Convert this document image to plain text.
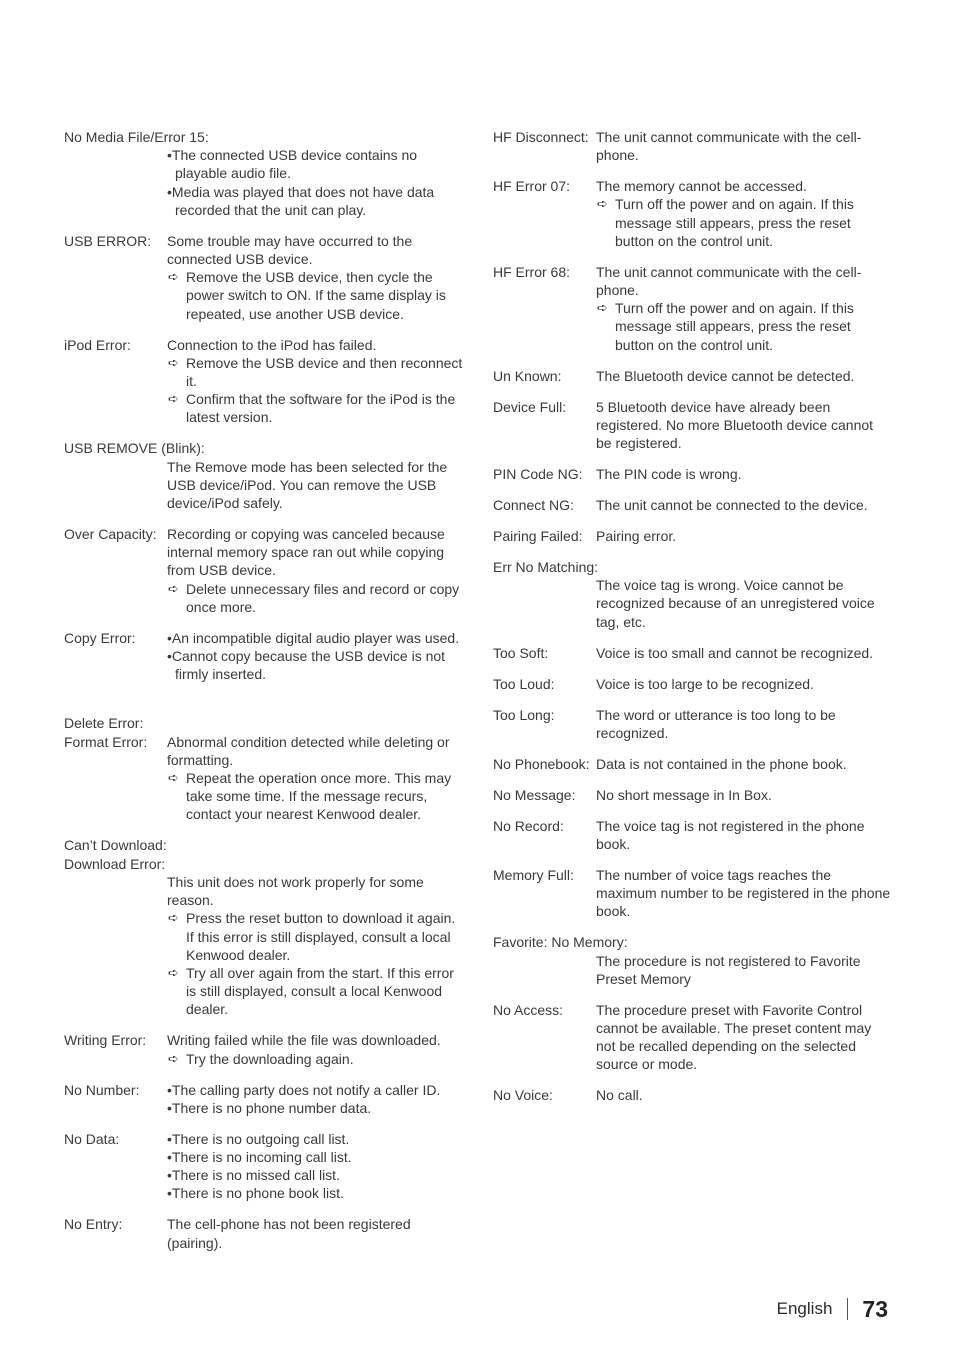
No Media File/Error 15:
•The connected USB device contains no playable audio file.
•Media was played that does not have data recorded that the unit can play.
USB ERROR: Some trouble may have occurred to the connected USB device.
➪ Remove the USB device, then cycle the power switch to ON. If the same display is repeated, use another USB device.
iPod Error:	Connection to the iPod has failed.
➪ Remove the USB device and then reconnect it.
➪ Confirm that the software for the iPod is the latest version.
USB REMOVE (Blink):
The Remove mode has been selected for the USB device/iPod. You can remove the USB device/iPod safely.
Over Capacity: Recording or copying was canceled because internal memory space ran out while copying from USB device.
➪ Delete unnecessary files and record or copy once more.
Copy Error: •An incompatible digital audio player was used.
•Cannot copy because the USB device is not firmly inserted.

Delete Error:
Format Error:

Abnormal condition detected while deleting or formatting.
➪ Repeat the operation once more. This may take some time. If the message recurs, contact your nearest Kenwood dealer.
Can’t Download:
Download Error:
This unit does not work properly for some reason.
➪ Press the reset button to download it again. If this error is still displayed, consult a local Kenwood dealer.
➪ Try all over again from the start. If this error is still displayed, consult a local Kenwood dealer.
Writing Error: Writing failed while the file was downloaded.
➪ Try the downloading again.
No Number: •The calling party does not notify a caller ID.
•There is no phone number data.
No Data:	•There is no outgoing call list.
•There is no incoming call list.
•There is no missed call list.
•There is no phone book list.
No Entry:	The cell-phone has not been registered (pairing).
HF Disconnect: The unit cannot communicate with the cell-phone.
HF Error 07: The memory cannot be accessed.
➪ Turn off the power and on again. If this message still appears, press the reset button on the control unit.
HF Error 68: The unit cannot communicate with the cell-phone.
➪ Turn off the power and on again. If this message still appears, press the reset button on the control unit.
Un Known: The Bluetooth device cannot be detected.
Device Full: 5 Bluetooth device have already been registered. No more Bluetooth device cannot be registered.
PIN Code NG: The PIN code is wrong.
Connect NG: The unit cannot be connected to the device.
Pairing Failed: Pairing error.
Err No Matching:
The voice tag is wrong. Voice cannot be recognized because of an unregistered voice tag, etc.
Too Soft:	Voice is too small and cannot be recognized.
Too Loud:	Voice is too large to be recognized.
Too Long:	The word or utterance is too long to be recognized.
No Phonebook: Data is not contained in the phone book.
No Message: No short message in In Box.
No Record: The voice tag is not registered in the phone book.
Memory Full: The number of voice tags reaches the maximum number to be registered in the phone book.
Favorite: No Memory:
The procedure is not registered to Favorite Preset Memory
No Access: The procedure preset with Favorite Control cannot be available. The preset content may not be recalled depending on the selected source or mode.
No Voice:	No call.
English 73
